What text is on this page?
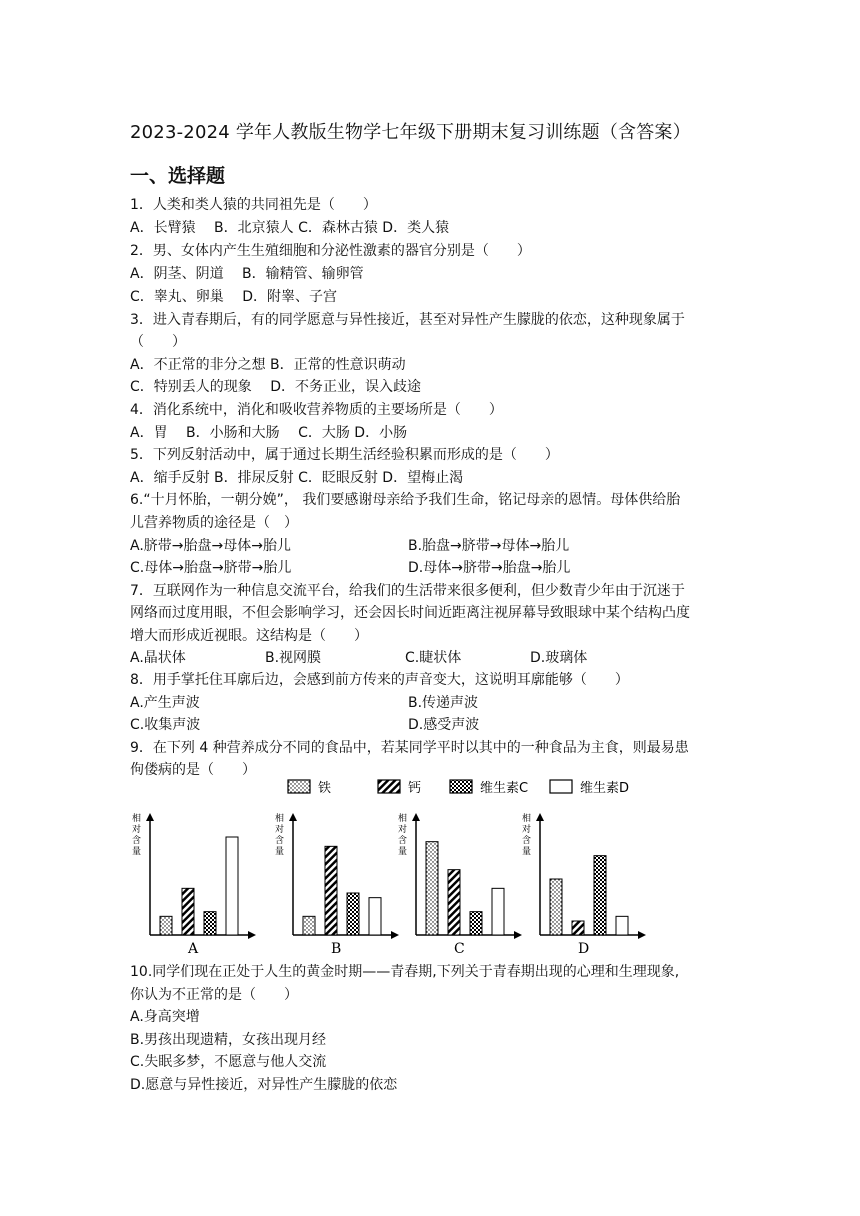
2023-2024 学年人教版生物学七年级下册期末复习训练题（含答案）
一、选择题
1．人类和类人猿的共同祖先是（　　）
A．长臂猿　 B．北京猿人 C．森林古猿 D．类人猿
2．男、女体内产生生殖细胞和分泌性激素的器官分别是（　　）
A．阴茎、阴道　 B．输精管、输卵管
C．睾丸、卵巢　 D．附睾、子宫
3．进入青春期后，有的同学愿意与异性接近，甚至对异性产生朦胧的依恋，这种现象属于
（　　）
A．不正常的非分之想 B．正常的性意识萌动
C．特别丢人的现象　 D．不务正业，误入歧途
4．消化系统中，消化和吸收营养物质的主要场所是（　　）
A．胃　 B．小肠和大肠　 C．大肠 D．小肠
5．下列反射活动中，属于通过长期生活经验积累而形成的是（　　）
A．缩手反射 B．排尿反射 C．眨眼反射 D．望梅止渴
6.“十月怀胎，一朝分娩”， 我们要感谢母亲给予我们生命，铭记母亲的恩情。母体供给胎
儿营养物质的途径是（　）
A.脐带→胎盘→母体→胎儿	B.胎盘→脐带→母体→胎儿
C.母体→胎盘→脐带→胎儿	D.母体→脐带→胎盘→胎儿
7．互联网作为一种信息交流平台，给我们的生活带来很多便利，但少数青少年由于沉迷于
网络而过度用眼，不但会影响学习，还会因长时间近距离注视屏幕导致眼球中某个结构凸度
增大而形成近视眼。这结构是（　　）
A.晶状体	B.视网膜	C.睫状体	D.玻璃体
8．用手掌托住耳廓后边，会感到前方传来的声音变大，这说明耳廓能够（　　）
A.产生声波	B.传递声波
C.收集声波	D.感受声波
9．在下列 4 种营养成分不同的食品中，若某同学平时以其中的一种食品为主食，则最易患
佝偻病的是（　　）
铁	钙	维生素C	维生素D
相
对
含
量
A
相
对
含
量
B
相
对
含
量
C
相
对
含
量
D
10.同学们现在正处于人生的黄金时期——青春期,下列关于青春期出现的心理和生理现象,
你认为不正常的是（　　）
A.身高突增
B.男孩出现遗精，女孩出现月经
C.失眠多梦，不愿意与他人交流
D.愿意与异性接近，对异性产生朦胧的依恋
